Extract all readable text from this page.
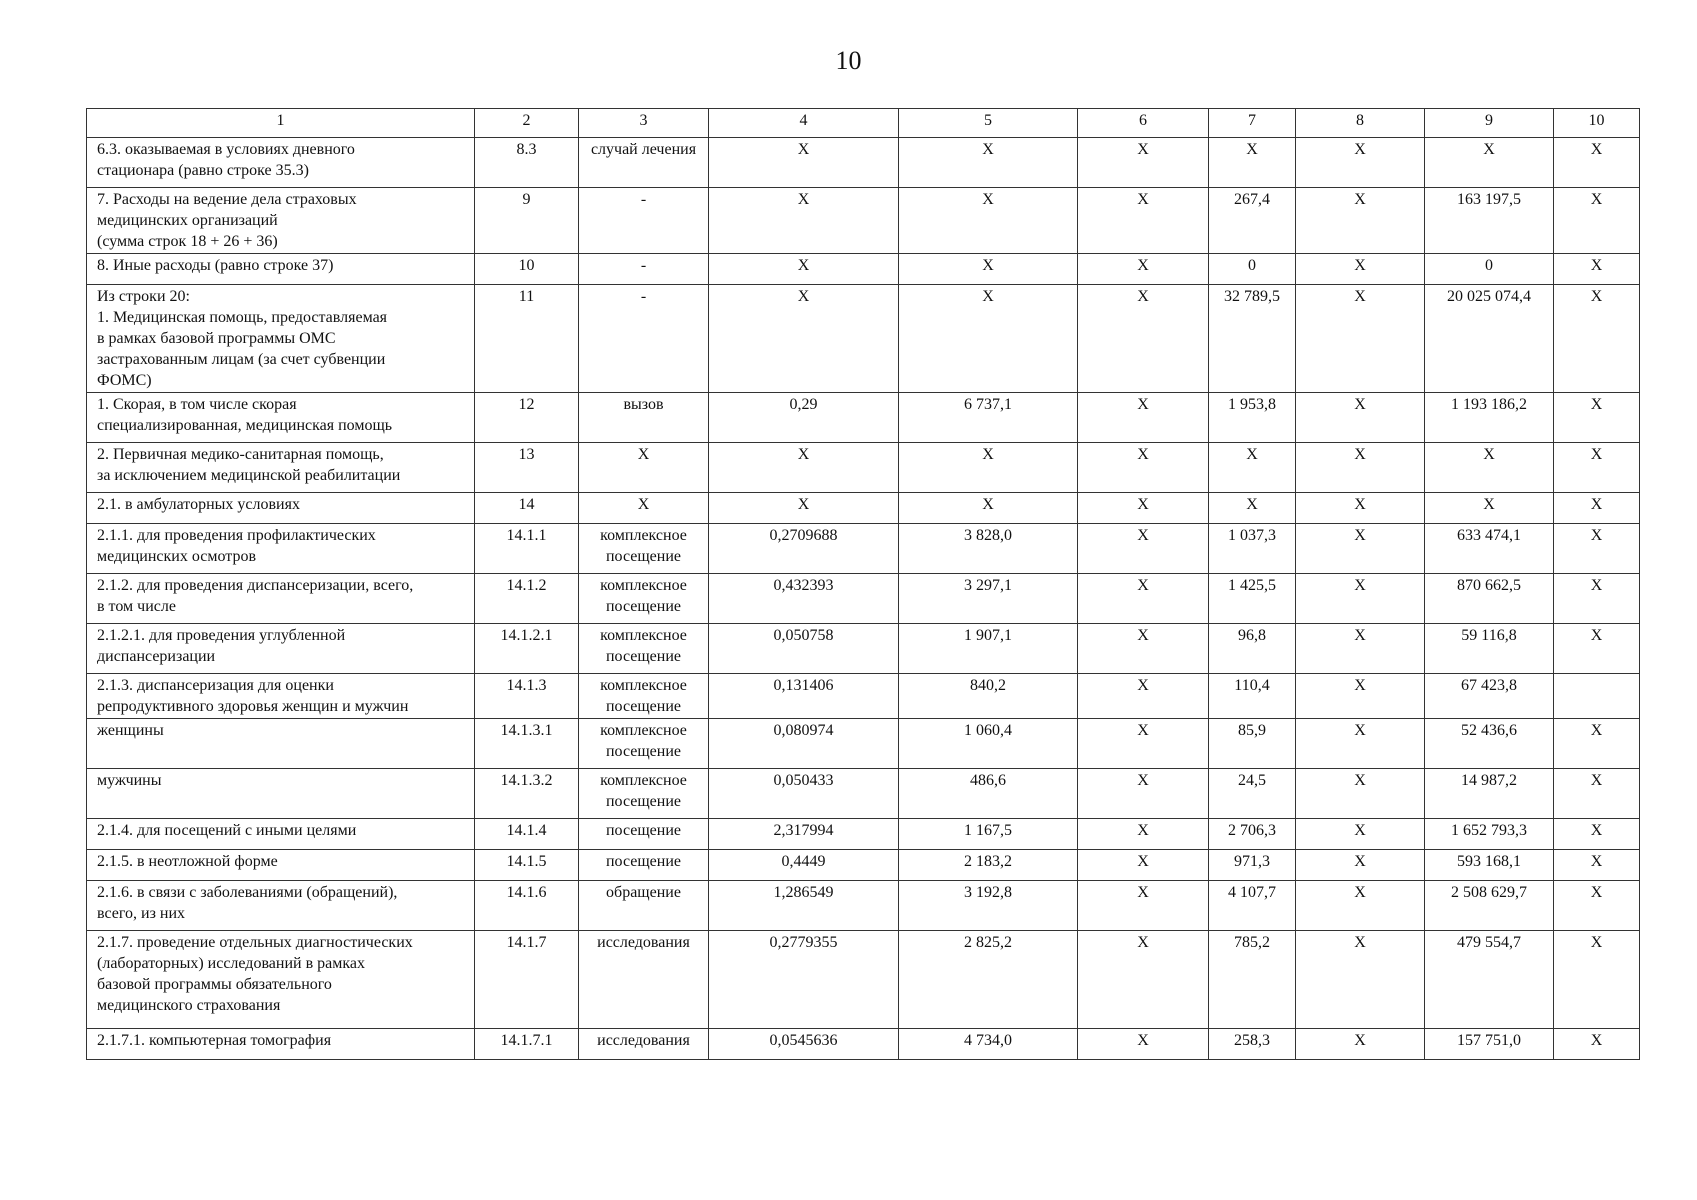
10
1	2	3	4	5	6	7	8	9	10
6.3. оказываемая в условиях дневного
стационара (равно строке 35.3)	8.3	случай лечения	Х	Х	Х	Х	Х	Х	Х
7. Расходы на ведение дела страховых
медицинских организаций
(сумма строк 18 + 26 + 36)	9	-	Х	Х	Х	267,4	Х	163 197,5	Х
8. Иные расходы (равно строке 37)	10	-	Х	Х	Х	0	Х	0	Х
Из строки 20:
1. Медицинская помощь, предоставляемая
в рамках базовой программы ОМС
застрахованным лицам (за счет субвенции
ФОМС)	11	-	Х	Х	Х	32 789,5	Х	20 025 074,4	Х
1. Скорая, в том числе скорая
специализированная, медицинская помощь	12	вызов	0,29	6 737,1	Х	1 953,8	Х	1 193 186,2	Х
2. Первичная медико-санитарная помощь,
за исключением медицинской реабилитации	13	Х	Х	Х	Х	Х	Х	Х	Х
2.1. в амбулаторных условиях	14	Х	Х	Х	Х	Х	Х	Х	Х
2.1.1. для проведения профилактических
медицинских осмотров	14.1.1	комплексное посещение	0,2709688	3 828,0	Х	1 037,3	Х	633 474,1	Х
2.1.2. для проведения диспансеризации, всего,
в том числе	14.1.2	комплексное посещение	0,432393	3 297,1	Х	1 425,5	Х	870 662,5	Х
2.1.2.1. для проведения углубленной
диспансеризации	14.1.2.1	комплексное посещение	0,050758	1 907,1	Х	96,8	Х	59 116,8	Х
2.1.3. диспансеризация для оценки
репродуктивного здоровья женщин и мужчин	14.1.3	комплексное посещение	0,131406	840,2	Х	110,4	Х	67 423,8	
женщины	14.1.3.1	комплексное посещение	0,080974	1 060,4	Х	85,9	Х	52 436,6	Х
мужчины	14.1.3.2	комплексное посещение	0,050433	486,6	Х	24,5	Х	14 987,2	Х
2.1.4. для посещений с иными целями	14.1.4	посещение	2,317994	1 167,5	Х	2 706,3	Х	1 652 793,3	Х
2.1.5. в неотложной форме	14.1.5	посещение	0,4449	2 183,2	Х	971,3	Х	593 168,1	Х
2.1.6. в связи с заболеваниями (обращений),
всего, из них	14.1.6	обращение	1,286549	3 192,8	Х	4 107,7	Х	2 508 629,7	Х
2.1.7. проведение отдельных диагностических
(лабораторных) исследований в рамках
базовой программы обязательного
медицинского страхования	14.1.7	исследования	0,2779355	2 825,2	Х	785,2	Х	479 554,7	Х
2.1.7.1. компьютерная томография	14.1.7.1	исследования	0,0545636	4 734,0	Х	258,3	Х	157 751,0	Х
